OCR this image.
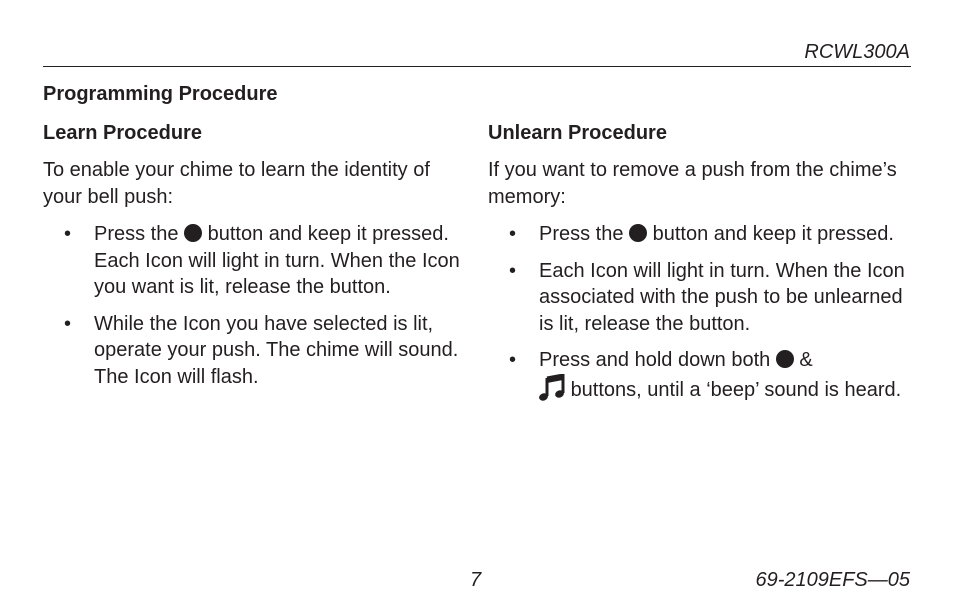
RCWL300A
Programming Procedure
Learn Procedure

To enable your chime to learn the identity of your bell push:

• Press the button and keep it pressed. Each Icon will light in turn. When the Icon you want is lit, release the button.
• While the Icon you have selected is lit, operate your push. The chime will sound. The Icon will flash.
Unlearn Procedure

If you want to remove a push from the chime’s memory:

• Press the button and keep it pressed.
• Each Icon will light in turn. When the Icon associated with the push to be unlearned is lit, release the button.
• Press and hold down both &
buttons, until a ‘beep’ sound is heard.
7	69-2109EFS—05
